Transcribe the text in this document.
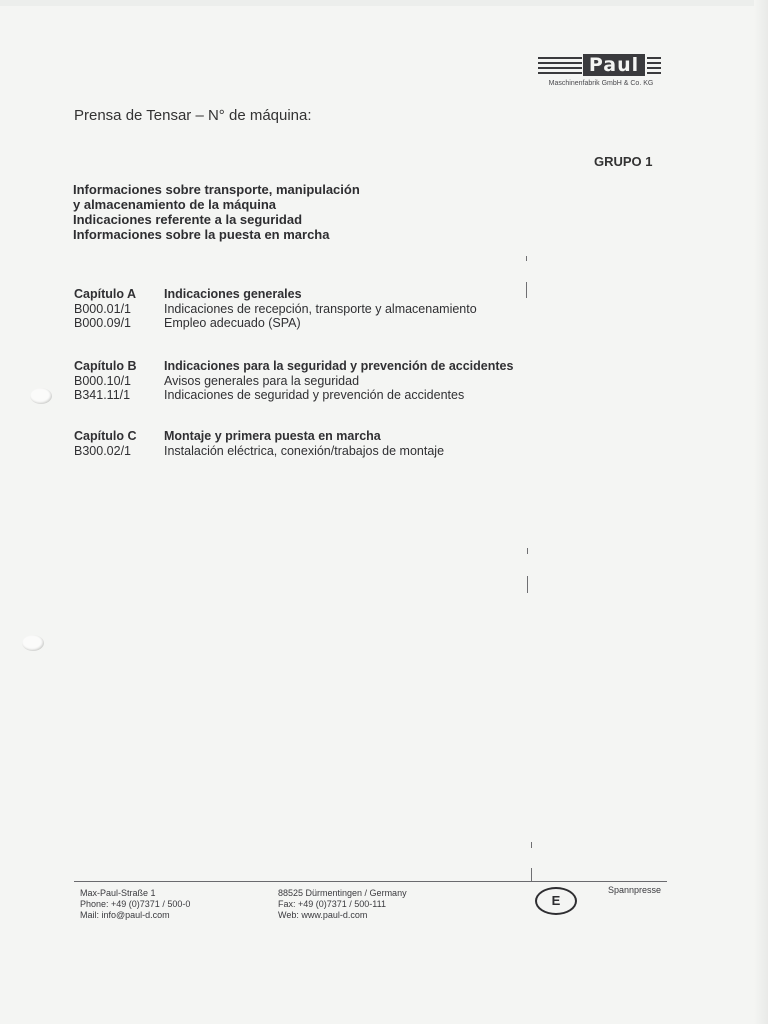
Paul
Maschinenfabrik GmbH & Co. KG
Prensa de Tensar – N° de máquina:
GRUPO 1
Informaciones sobre transporte, manipulación
y almacenamiento de la máquina
Indicaciones referente a la seguridad
Informaciones sobre la puesta en marcha
Capítulo A	Indicaciones generales
B000.01/1	Indicaciones de recepción, transporte y almacenamiento
B000.09/1	Empleo adecuado (SPA)
Capítulo B	Indicaciones para la seguridad y prevención de accidentes
B000.10/1	Avisos generales para la seguridad
B341.11/1	Indicaciones de seguridad y prevención de accidentes
Capítulo C	Montaje y primera puesta en marcha
B300.02/1	Instalación eléctrica, conexión/trabajos de montaje
Max-Paul-Straße 1
Phone: +49 (0)7371 / 500-0
Mail: info@paul-d.com
88525 Dürmentingen / Germany
Fax: +49 (0)7371 / 500-111
Web: www.paul-d.com
E
Spannpresse
